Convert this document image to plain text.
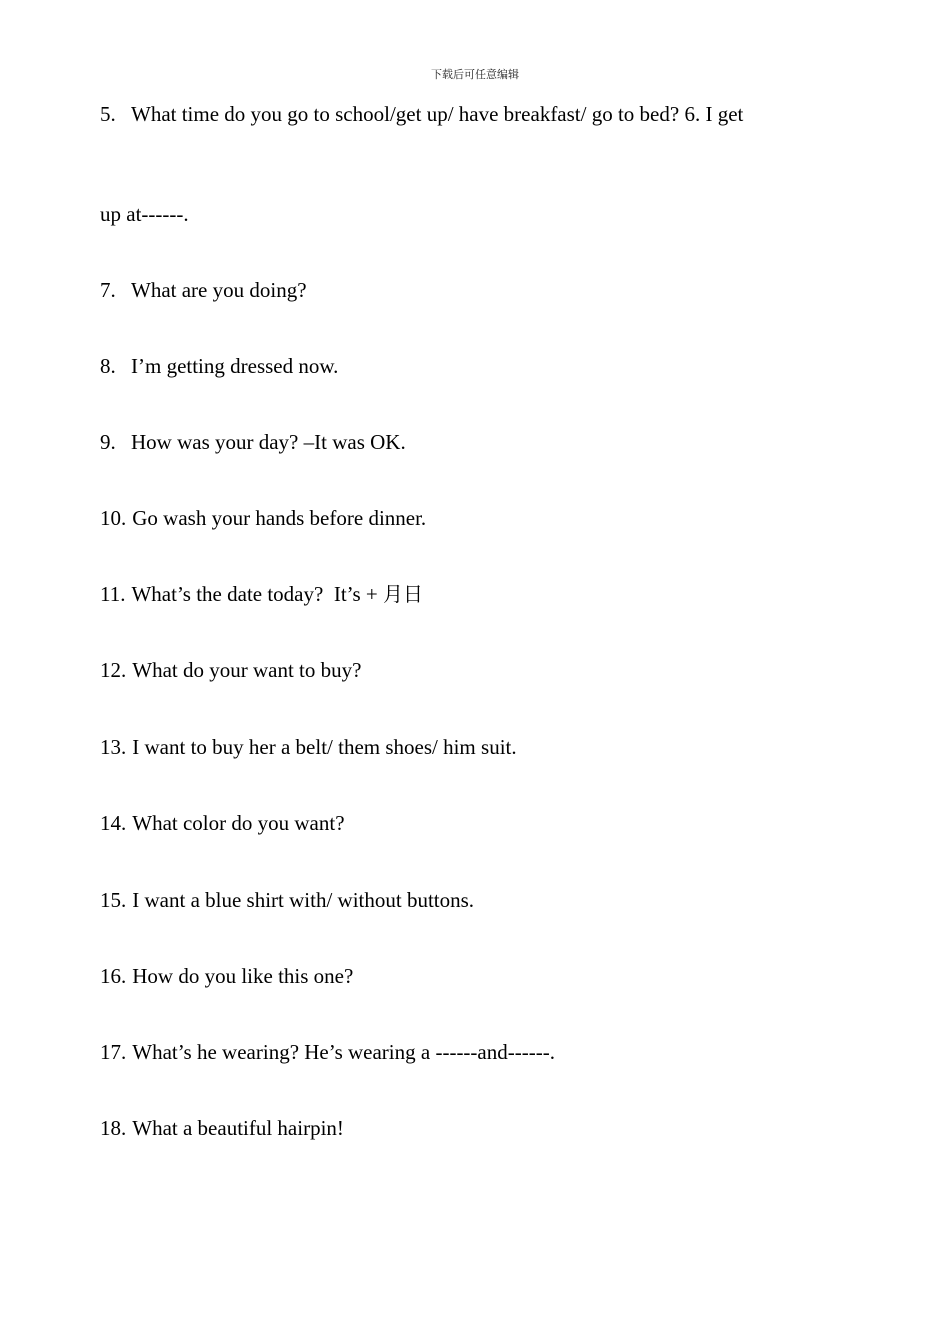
下载后可任意编辑
5. What time do you go to school/get up/ have breakfast/ go to bed? 6. I get
up at------.
7. What are you doing?
8. I’m getting dressed now.
9. How was your day? –It was OK.
10. Go wash your hands before dinner.
11. What’s the date today?  It’s + 月日
12. What do your want to buy?
13. I want to buy her a belt/ them shoes/ him suit.
14. What color do you want?
15. I want a blue shirt with/ without buttons.
16. How do you like this one?
17. What’s he wearing? He’s wearing a ------and------.
18. What a beautiful hairpin!
